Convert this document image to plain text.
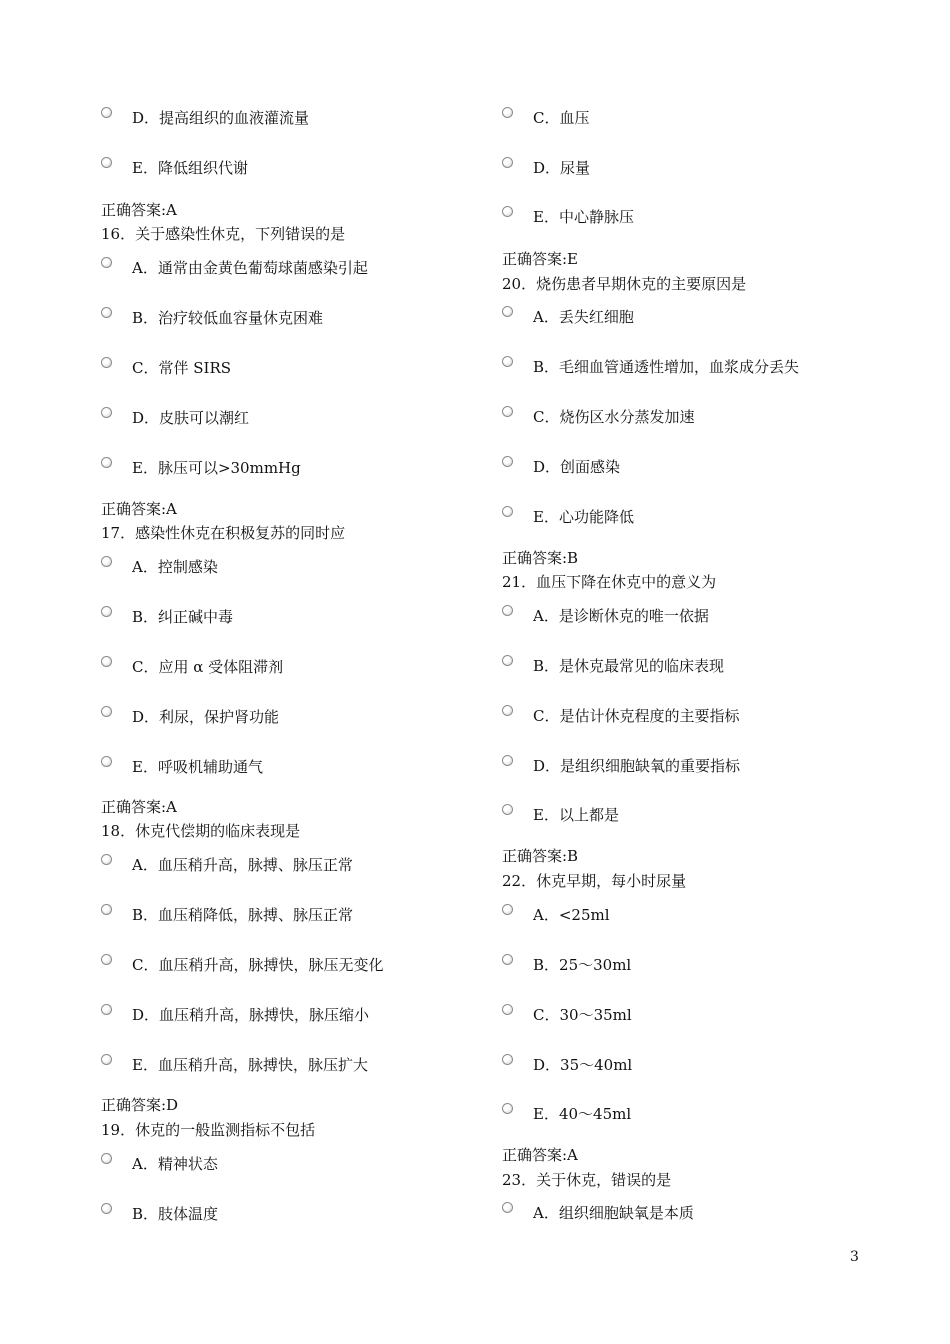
D．提高组织的血液灌流量
E．降低组织代谢
正确答案:A
16．关于感染性休克，下列错误的是
A．通常由金黄色葡萄球菌感染引起
B．治疗较低血容量休克困难
C．常伴 SIRS
D．皮肤可以潮红
E．脉压可以>30mmHg
正确答案:A
17．感染性休克在积极复苏的同时应
A．控制感染
B．纠正碱中毒
C．应用 α 受体阻滞剂
D．利尿，保护肾功能
E．呼吸机辅助通气
正确答案:A
18．休克代偿期的临床表现是
A．血压稍升高，脉搏、脉压正常
B．血压稍降低，脉搏、脉压正常
C．血压稍升高，脉搏快，脉压无变化
D．血压稍升高，脉搏快，脉压缩小
E．血压稍升高，脉搏快，脉压扩大
正确答案:D
19．休克的一般监测指标不包括
A．精神状态
B．肢体温度
C．血压
D．尿量
E．中心静脉压
正确答案:E
20．烧伤患者早期休克的主要原因是
A．丢失红细胞
B．毛细血管通透性增加，血浆成分丢失
C．烧伤区水分蒸发加速
D．创面感染
E．心功能降低
正确答案:B
21．血压下降在休克中的意义为
A．是诊断休克的唯一依据
B．是休克最常见的临床表现
C．是估计休克程度的主要指标
D．是组织细胞缺氧的重要指标
E．以上都是
正确答案:B
22．休克早期，每小时尿量
A．<25ml
B．25～30ml
C．30～35ml
D．35～40ml
E．40～45ml
正确答案:A
23．关于休克，错误的是
A．组织细胞缺氧是本质
3
